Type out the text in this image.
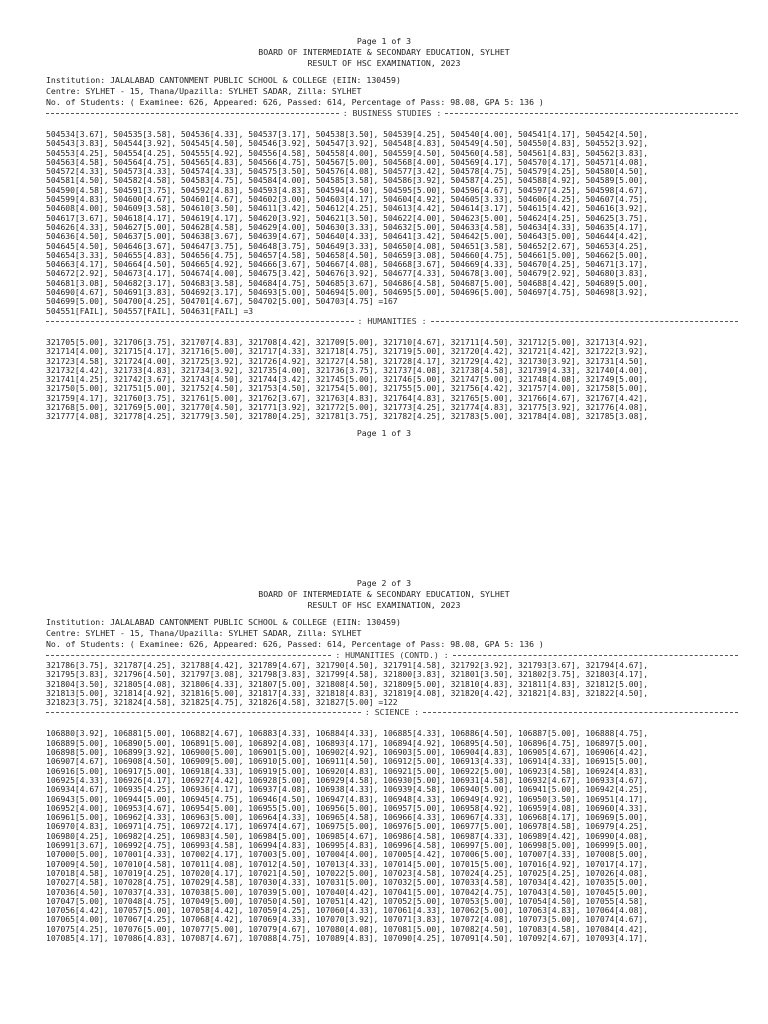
Page 1 of 3
BOARD OF INTERMEDIATE & SECONDARY EDUCATION, SYLHET
RESULT OF HSC EXAMINATION, 2023
Institution: JALALABAD CANTONMENT PUBLIC SCHOOL & COLLEGE (EIIN: 130459)
Centre: SYLHET - 15, Thana/Upazilla: SYLHET SADAR, Zilla: SYLHET
No. of Students: ( Examinee: 626, Appeared: 626, Passed: 614, Percentage of Pass: 98.08, GPA 5: 136 )
: BUSINESS STUDIES :
504534[3.67], 504535[3.58], 504536[4.33], 504537[3.17], 504538[3.50], 504539[4.25], 504540[4.00], 504541[4.17], 504542[4.50],
504543[3.83], 504544[3.92], 504545[4.50], 504546[3.92], 504547[3.92], 504548[4.83], 504549[4.50], 504550[4.83], 504552[3.92],
504553[4.25], 504554[4.25], 504555[4.92], 504556[4.58], 504558[4.00], 504559[4.50], 504560[4.58], 504561[4.83], 504562[3.83],
504563[4.58], 504564[4.75], 504565[4.83], 504566[4.75], 504567[5.00], 504568[4.00], 504569[4.17], 504570[4.17], 504571[4.08],
504572[4.33], 504573[4.33], 504574[4.33], 504575[3.50], 504576[4.08], 504577[3.42], 504578[4.75], 504579[4.25], 504580[4.50],
504581[4.50], 504582[4.58], 504583[4.75], 504584[4.00], 504585[3.58], 504586[3.92], 504587[4.25], 504588[4.92], 504589[5.00],
504590[4.58], 504591[3.75], 504592[4.83], 504593[4.83], 504594[4.50], 504595[5.00], 504596[4.67], 504597[4.25], 504598[4.67],
504599[4.83], 504600[4.67], 504601[4.67], 504602[3.00], 504603[4.17], 504604[4.92], 504605[3.33], 504606[4.25], 504607[4.75],
504608[4.00], 504609[3.58], 504610[3.50], 504611[3.42], 504612[4.25], 504613[4.42], 504614[3.17], 504615[4.42], 504616[3.92],
504617[3.67], 504618[4.17], 504619[4.17], 504620[3.92], 504621[3.50], 504622[4.00], 504623[5.00], 504624[4.25], 504625[3.75],
504626[4.33], 504627[5.00], 504628[4.58], 504629[4.00], 504630[3.33], 504632[5.00], 504633[4.58], 504634[4.33], 504635[4.17],
504636[4.50], 504637[5.00], 504638[3.67], 504639[4.67], 504640[4.33], 504641[3.42], 504642[5.00], 504643[5.00], 504644[4.42],
504645[4.50], 504646[3.67], 504647[3.75], 504648[3.75], 504649[3.33], 504650[4.08], 504651[3.58], 504652[2.67], 504653[4.25],
504654[3.33], 504655[4.83], 504656[4.75], 504657[4.58], 504658[4.50], 504659[3.08], 504660[4.75], 504661[5.00], 504662[5.00],
504663[4.17], 504664[4.50], 504665[4.92], 504666[3.67], 504667[4.08], 504668[3.67], 504669[4.33], 504670[4.25], 504671[3.17],
504672[2.92], 504673[4.17], 504674[4.00], 504675[3.42], 504676[3.92], 504677[4.33], 504678[3.00], 504679[2.92], 504680[3.83],
504681[3.08], 504682[3.17], 504683[3.58], 504684[4.75], 504685[3.67], 504686[4.58], 504687[5.00], 504688[4.42], 504689[5.00],
504690[4.67], 504691[3.83], 504692[3.17], 504693[5.00], 504694[5.00], 504695[5.00], 504696[5.00], 504697[4.75], 504698[3.92],
504699[5.00], 504700[4.25], 504701[4.67], 504702[5.00], 504703[4.75] =167
504551[FAIL], 504557[FAIL], 504631[FAIL] =3
: HUMANITIES :
321705[5.00], 321706[3.75], 321707[4.83], 321708[4.42], 321709[5.00], 321710[4.67], 321711[4.50], 321712[5.00], 321713[4.92],
321714[4.00], 321715[4.17], 321716[5.00], 321717[4.33], 321718[4.75], 321719[5.00], 321720[4.42], 321721[4.42], 321722[3.92],
321723[4.58], 321724[4.00], 321725[3.92], 321726[4.92], 321727[4.58], 321728[4.17], 321729[4.42], 321730[3.92], 321731[4.50],
321732[4.42], 321733[4.83], 321734[3.92], 321735[4.00], 321736[3.75], 321737[4.08], 321738[4.58], 321739[4.33], 321740[4.00],
321741[4.25], 321742[3.67], 321743[4.50], 321744[3.42], 321745[5.00], 321746[5.00], 321747[5.00], 321748[4.08], 321749[5.00],
321750[5.00], 321751[5.00], 321752[4.50], 321753[4.50], 321754[5.00], 321755[5.00], 321756[4.42], 321757[4.00], 321758[5.00],
321759[4.17], 321760[3.75], 321761[5.00], 321762[3.67], 321763[4.83], 321764[4.83], 321765[5.00], 321766[4.67], 321767[4.42],
321768[5.00], 321769[5.00], 321770[4.50], 321771[3.92], 321772[5.00], 321773[4.25], 321774[4.83], 321775[3.92], 321776[4.08],
321777[4.08], 321778[4.25], 321779[3.50], 321780[4.25], 321781[3.75], 321782[4.25], 321783[5.00], 321784[4.08], 321785[3.08],
Page 1 of 3
Page 2 of 3
BOARD OF INTERMEDIATE & SECONDARY EDUCATION, SYLHET
RESULT OF HSC EXAMINATION, 2023
Institution: JALALABAD CANTONMENT PUBLIC SCHOOL & COLLEGE (EIIN: 130459)
Centre: SYLHET - 15, Thana/Upazilla: SYLHET SADAR, Zilla: SYLHET
No. of Students: ( Examinee: 626, Appeared: 626, Passed: 614, Percentage of Pass: 98.08, GPA 5: 136 )
: HUMANITIES (CONTD.) :
321786[3.75], 321787[4.25], 321788[4.42], 321789[4.67], 321790[4.50], 321791[4.58], 321792[3.92], 321793[3.67], 321794[4.67],
321795[3.83], 321796[4.50], 321797[3.08], 321798[3.83], 321799[4.58], 321800[3.83], 321801[3.50], 321802[3.75], 321803[4.17],
321804[3.50], 321805[4.08], 321806[4.33], 321807[5.00], 321808[4.50], 321809[5.00], 321810[4.83], 321811[4.83], 321812[5.00],
321813[5.00], 321814[4.92], 321816[5.00], 321817[4.33], 321818[4.83], 321819[4.08], 321820[4.42], 321821[4.83], 321822[4.50],
321823[3.75], 321824[4.58], 321825[4.75], 321826[4.58], 321827[5.00] =122
: SCIENCE :
106880[3.92], 106881[5.00], 106882[4.67], 106883[4.33], 106884[4.33], 106885[4.33], 106886[4.50], 106887[5.00], 106888[4.75],
106889[5.00], 106890[5.00], 106891[5.00], 106892[4.08], 106893[4.17], 106894[4.92], 106895[4.50], 106896[4.75], 106897[5.00],
106898[5.00], 106899[3.92], 106900[5.00], 106901[5.00], 106902[4.92], 106903[5.00], 106904[4.83], 106905[4.67], 106906[4.42],
106907[4.67], 106908[4.50], 106909[5.00], 106910[5.00], 106911[4.50], 106912[5.00], 106913[4.33], 106914[4.33], 106915[5.00],
106916[5.00], 106917[5.00], 106918[4.33], 106919[5.00], 106920[4.83], 106921[5.00], 106922[5.00], 106923[4.58], 106924[4.83],
106925[4.33], 106926[4.17], 106927[4.42], 106928[5.00], 106929[4.58], 106930[5.00], 106931[4.58], 106932[4.67], 106933[4.67],
106934[4.67], 106935[4.25], 106936[4.17], 106937[4.08], 106938[4.33], 106939[4.58], 106940[5.00], 106941[5.00], 106942[4.25],
106943[5.00], 106944[5.00], 106945[4.75], 106946[4.50], 106947[4.83], 106948[4.33], 106949[4.92], 106950[3.50], 106951[4.17],
106952[4.00], 106953[4.67], 106954[5.00], 106955[5.00], 106956[5.00], 106957[5.00], 106958[4.92], 106959[4.08], 106960[4.33],
106961[5.00], 106962[4.33], 106963[5.00], 106964[4.33], 106965[4.58], 106966[4.33], 106967[4.33], 106968[4.17], 106969[5.00],
106970[4.83], 106971[4.75], 106972[4.17], 106974[4.67], 106975[5.00], 106976[5.00], 106977[5.00], 106978[4.58], 106979[4.25],
106980[4.25], 106982[4.25], 106983[4.50], 106984[5.00], 106985[4.67], 106986[4.58], 106987[4.33], 106989[4.42], 106990[4.08],
106991[3.67], 106992[4.75], 106993[4.58], 106994[4.83], 106995[4.83], 106996[4.58], 106997[5.00], 106998[5.00], 106999[5.00],
107000[5.00], 107001[4.33], 107002[4.17], 107003[5.00], 107004[4.00], 107005[4.42], 107006[5.00], 107007[4.33], 107008[5.00],
107009[4.50], 107010[4.58], 107011[4.08], 107012[4.50], 107013[4.33], 107014[5.00], 107015[5.00], 107016[4.92], 107017[4.17],
107018[4.58], 107019[4.25], 107020[4.17], 107021[4.50], 107022[5.00], 107023[4.58], 107024[4.25], 107025[4.25], 107026[4.08],
107027[4.58], 107028[4.75], 107029[4.58], 107030[4.33], 107031[5.00], 107032[5.00], 107033[4.58], 107034[4.42], 107035[5.00],
107036[4.50], 107037[4.33], 107038[5.00], 107039[5.00], 107040[4.42], 107041[5.00], 107042[4.75], 107043[4.50], 107045[5.00],
107047[5.00], 107048[4.75], 107049[5.00], 107050[4.50], 107051[4.42], 107052[5.00], 107053[5.00], 107054[4.50], 107055[4.58],
107056[4.42], 107057[5.00], 107058[4.42], 107059[4.25], 107060[4.33], 107061[4.33], 107062[5.00], 107063[4.83], 107064[4.08],
107065[4.00], 107067[4.25], 107068[4.42], 107069[4.33], 107070[3.92], 107071[3.83], 107072[4.08], 107073[5.00], 107074[4.67],
107075[4.25], 107076[5.00], 107077[5.00], 107079[4.67], 107080[4.08], 107081[5.00], 107082[4.50], 107083[4.58], 107084[4.42],
107085[4.17], 107086[4.83], 107087[4.67], 107088[4.75], 107089[4.83], 107090[4.25], 107091[4.50], 107092[4.67], 107093[4.17],
